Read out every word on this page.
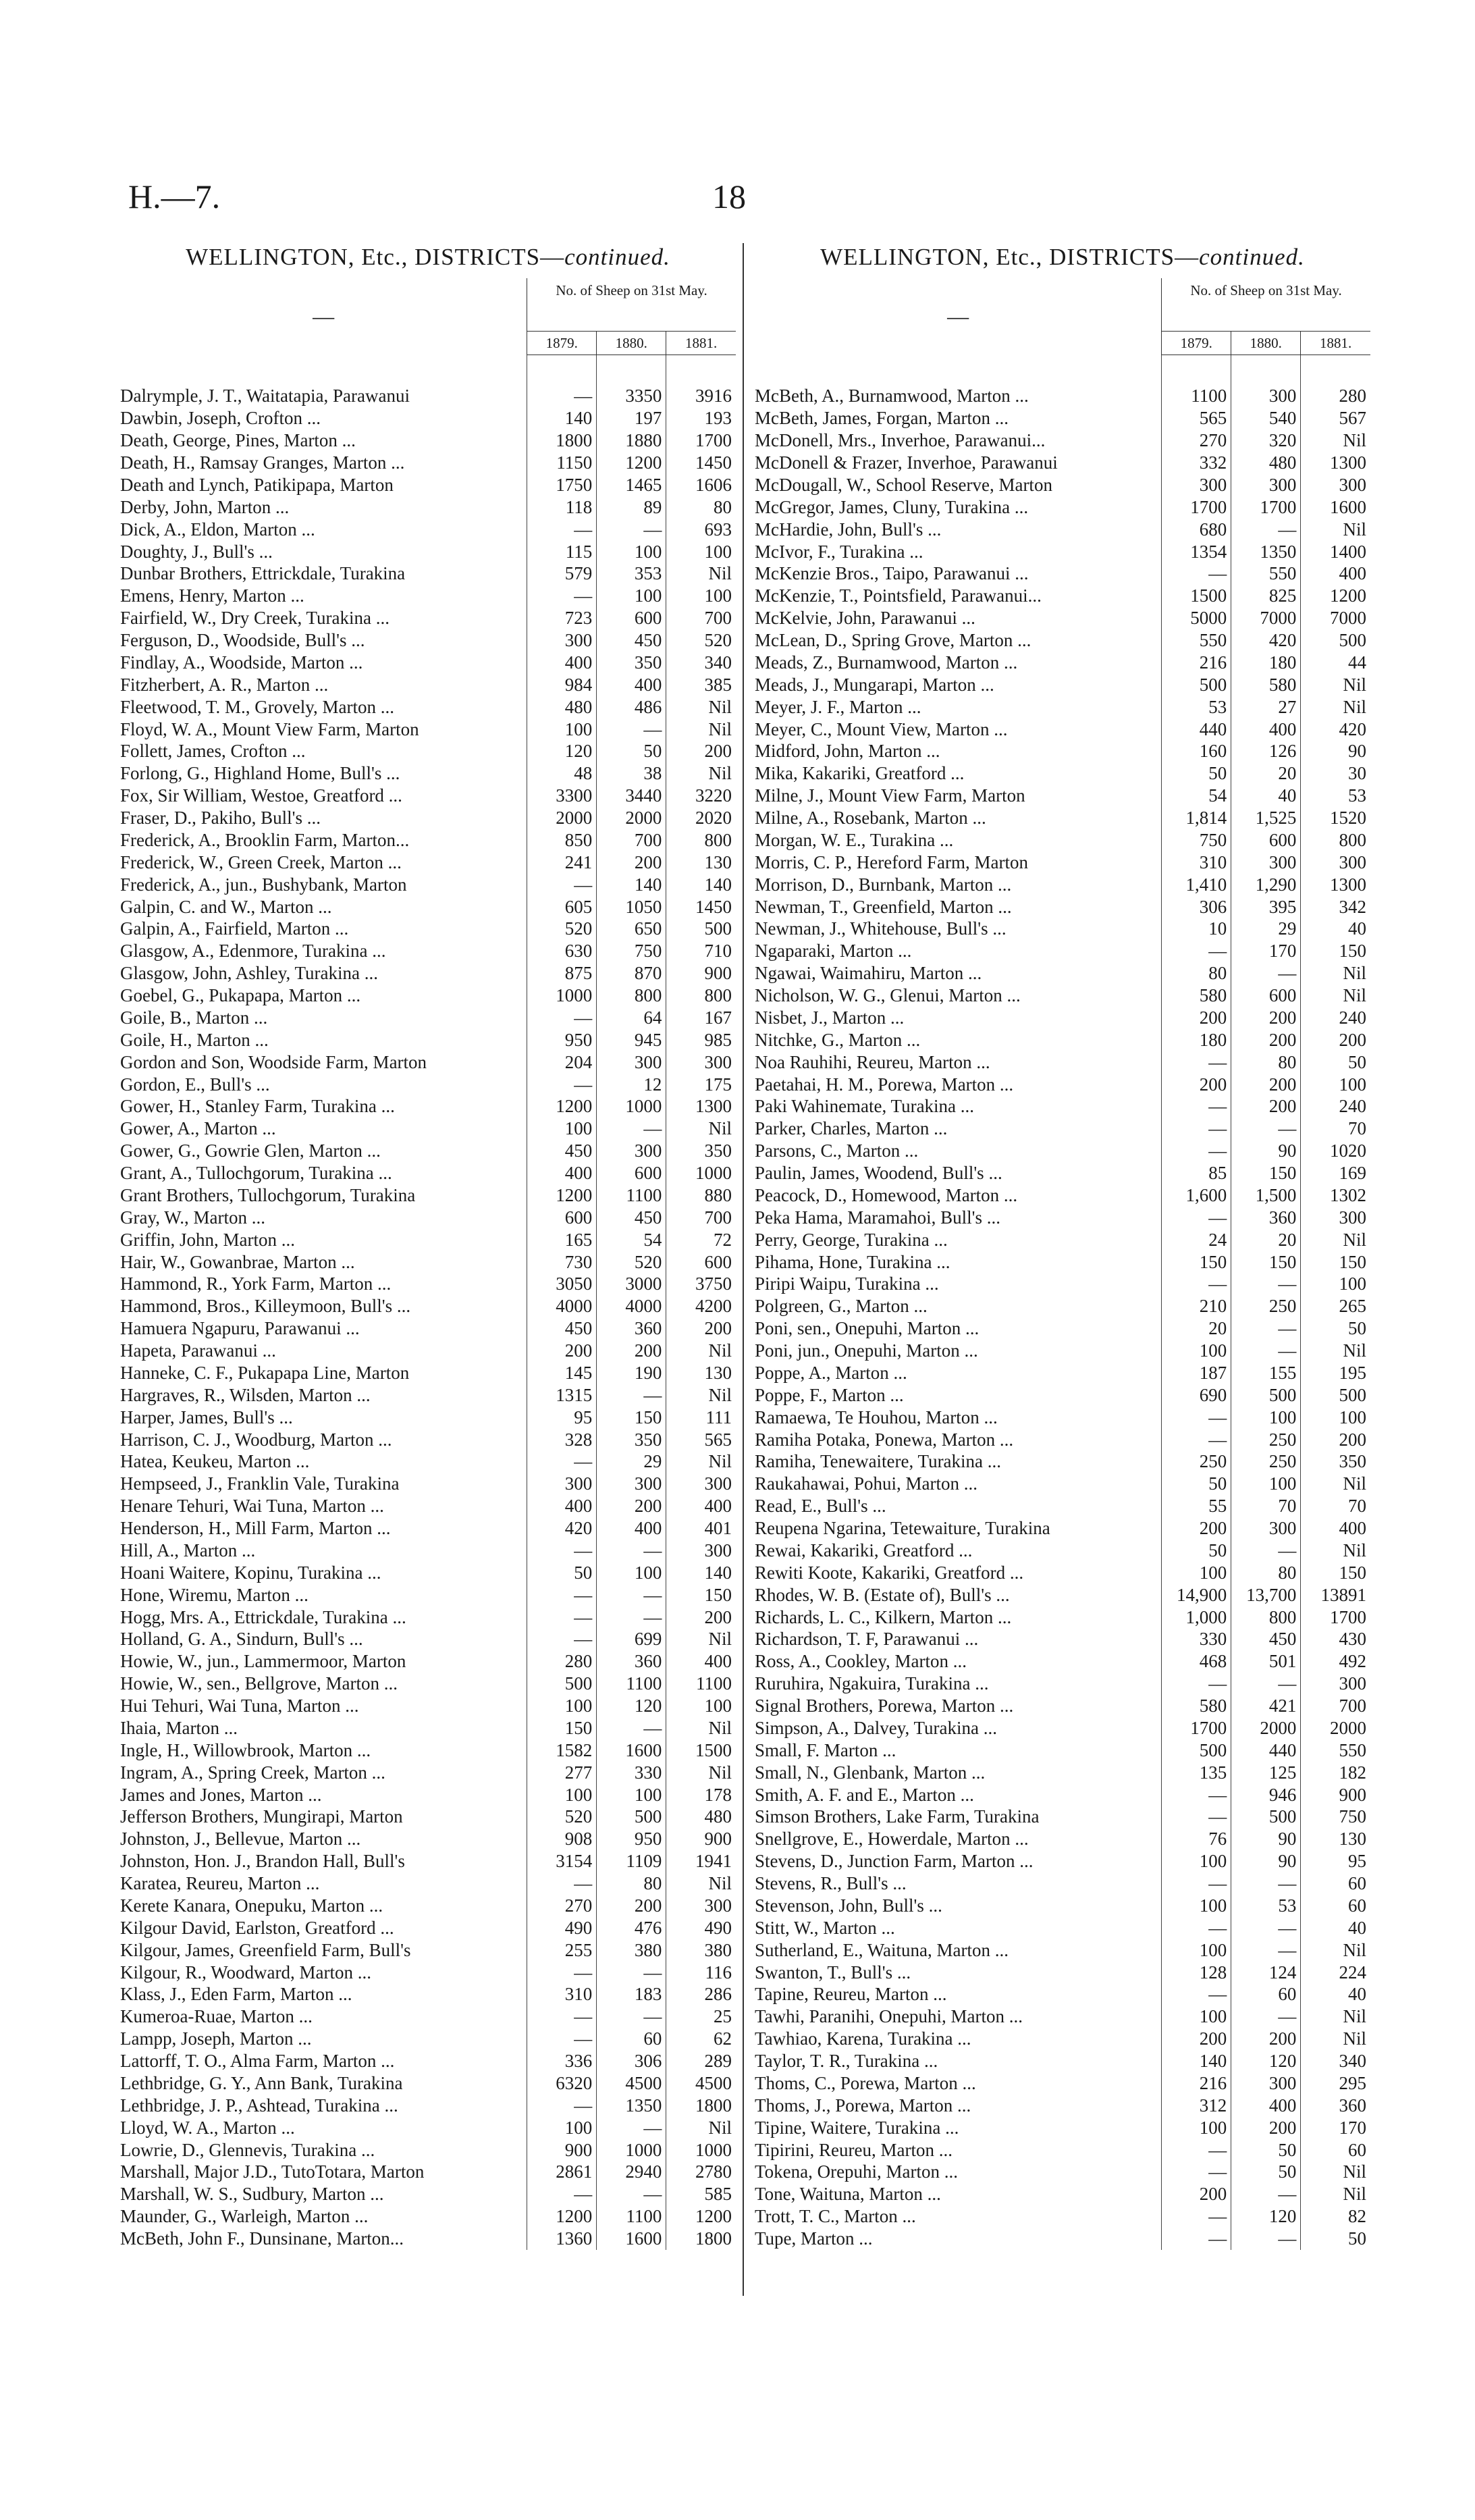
H.—7.	18
WELLINGTON, Etc., DISTRICTS—continued.
—	No. of Sheep on 31st May.		
	1879.	1880.	1881.

Dalrymple, J. T., Waitatapia, Parawanui	—	3350	3916
Dawbin, Joseph, Crofton ...	140	197	193
Death, George, Pines, Marton ...	1800	1880	1700
Death, H., Ramsay Granges, Marton ...	1150	1200	1450
Death and Lynch, Patikipapa, Marton	1750	1465	1606
Derby, John, Marton ...	118	89	80
Dick, A., Eldon, Marton ...	—	—	693
Doughty, J., Bull's ...	115	100	100
Dunbar Brothers, Ettrickdale, Turakina	579	353	Nil
Emens, Henry, Marton ...	—	100	100
Fairfield, W., Dry Creek, Turakina ...	723	600	700
Ferguson, D., Woodside, Bull's ...	300	450	520
Findlay, A., Woodside, Marton ...	400	350	340
Fitzherbert, A. R., Marton ...	984	400	385
Fleetwood, T. M., Grovely, Marton ...	480	486	Nil
Floyd, W. A., Mount View Farm, Marton	100	—	Nil
Follett, James, Crofton ...	120	50	200
Forlong, G., Highland Home, Bull's ...	48	38	Nil
Fox, Sir William, Westoe, Greatford ...	3300	3440	3220
Fraser, D., Pakiho, Bull's ...	2000	2000	2020
Frederick, A., Brooklin Farm, Marton...	850	700	800
Frederick, W., Green Creek, Marton ...	241	200	130
Frederick, A., jun., Bushybank, Marton	—	140	140
Galpin, C. and W., Marton ...	605	1050	1450
Galpin, A., Fairfield, Marton ...	520	650	500
Glasgow, A., Edenmore, Turakina ...	630	750	710
Glasgow, John, Ashley, Turakina ...	875	870	900
Goebel, G., Pukapapa, Marton ...	1000	800	800
Goile, B., Marton ...	—	64	167
Goile, H., Marton ...	950	945	985
Gordon and Son, Woodside Farm, Marton	204	300	300
Gordon, E., Bull's ...	—	12	175
Gower, H., Stanley Farm, Turakina ...	1200	1000	1300
Gower, A., Marton ...	100	—	Nil
Gower, G., Gowrie Glen, Marton ...	450	300	350
Grant, A., Tullochgorum, Turakina ...	400	600	1000
Grant Brothers, Tullochgorum, Turakina	1200	1100	880
Gray, W., Marton ...	600	450	700
Griffin, John, Marton ...	165	54	72
Hair, W., Gowanbrae, Marton ...	730	520	600
Hammond, R., York Farm, Marton ...	3050	3000	3750
Hammond, Bros., Killeymoon, Bull's ...	4000	4000	4200
Hamuera Ngapuru, Parawanui ...	450	360	200
Hapeta, Parawanui ...	200	200	Nil
Hanneke, C. F., Pukapapa Line, Marton	145	190	130
Hargraves, R., Wilsden, Marton ...	1315	—	Nil
Harper, James, Bull's ...	95	150	111
Harrison, C. J., Woodburg, Marton ...	328	350	565
Hatea, Keukeu, Marton ...	—	29	Nil
Hempseed, J., Franklin Vale, Turakina	300	300	300
Henare Tehuri, Wai Tuna, Marton ...	400	200	400
Henderson, H., Mill Farm, Marton ...	420	400	401
Hill, A., Marton ...	—	—	300
Hoani Waitere, Kopinu, Turakina ...	50	100	140
Hone, Wiremu, Marton ...	—	—	150
Hogg, Mrs. A., Ettrickdale, Turakina ...	—	—	200
Holland, G. A., Sindurn, Bull's ...	—	699	Nil
Howie, W., jun., Lammermoor, Marton	280	360	400
Howie, W., sen., Bellgrove, Marton ...	500	1100	1100
Hui Tehuri, Wai Tuna, Marton ...	100	120	100
Ihaia, Marton ...	150	—	Nil
Ingle, H., Willowbrook, Marton ...	1582	1600	1500
Ingram, A., Spring Creek, Marton ...	277	330	Nil
James and Jones, Marton ...	100	100	178
Jefferson Brothers, Mungirapi, Marton	520	500	480
Johnston, J., Bellevue, Marton ...	908	950	900
Johnston, Hon. J., Brandon Hall, Bull's	3154	1109	1941
Karatea, Reureu, Marton ...	—	80	Nil
Kerete Kanara, Onepuku, Marton ...	270	200	300
Kilgour David, Earlston, Greatford ...	490	476	490
Kilgour, James, Greenfield Farm, Bull's	255	380	380
Kilgour, R., Woodward, Marton ...	—	—	116
Klass, J., Eden Farm, Marton ...	310	183	286
Kumeroa-Ruae, Marton ...	—	—	25
Lampp, Joseph, Marton ...	—	60	62
Lattorff, T. O., Alma Farm, Marton ...	336	306	289
Lethbridge, G. Y., Ann Bank, Turakina	6320	4500	4500
Lethbridge, J. P., Ashtead, Turakina ...	—	1350	1800
Lloyd, W. A., Marton ...	100	—	Nil
Lowrie, D., Glennevis, Turakina ...	900	1000	1000
Marshall, Major J.D., TutoTotara, Marton	2861	2940	2780
Marshall, W. S., Sudbury, Marton ...	—	—	585
Maunder, G., Warleigh, Marton ...	1200	1100	1200
McBeth, John F., Dunsinane, Marton...	1360	1600	1800
WELLINGTON, Etc., DISTRICTS—continued.
—	No. of Sheep on 31st May.		
	1879.	1880.	1881.

McBeth, A., Burnamwood, Marton ...	1100	300	280
McBeth, James, Forgan, Marton ...	565	540	567
McDonell, Mrs., Inverhoe, Parawanui...	270	320	Nil
McDonell & Frazer, Inverhoe, Parawanui	332	480	1300
McDougall, W., School Reserve, Marton	300	300	300
McGregor, James, Cluny, Turakina ...	1700	1700	1600
McHardie, John, Bull's ...	680	—	Nil
McIvor, F., Turakina ...	1354	1350	1400
McKenzie Bros., Taipo, Parawanui ...	—	550	400
McKenzie, T., Pointsfield, Parawanui...	1500	825	1200
McKelvie, John, Parawanui ...	5000	7000	7000
McLean, D., Spring Grove, Marton ...	550	420	500
Meads, Z., Burnamwood, Marton ...	216	180	44
Meads, J., Mungarapi, Marton ...	500	580	Nil
Meyer, J. F., Marton ...	53	27	Nil
Meyer, C., Mount View, Marton ...	440	400	420
Midford, John, Marton ...	160	126	90
Mika, Kakariki, Greatford ...	50	20	30
Milne, J., Mount View Farm, Marton	54	40	53
Milne, A., Rosebank, Marton ...	1,814	1,525	1520
Morgan, W. E., Turakina ...	750	600	800
Morris, C. P., Hereford Farm, Marton	310	300	300
Morrison, D., Burnbank, Marton ...	1,410	1,290	1300
Newman, T., Greenfield, Marton ...	306	395	342
Newman, J., Whitehouse, Bull's ...	10	29	40
Ngaparaki, Marton ...	—	170	150
Ngawai, Waimahiru, Marton ...	80	—	Nil
Nicholson, W. G., Glenui, Marton ...	580	600	Nil
Nisbet, J., Marton ...	200	200	240
Nitchke, G., Marton ...	180	200	200
Noa Rauhihi, Reureu, Marton ...	—	80	50
Paetahai, H. M., Porewa, Marton ...	200	200	100
Paki Wahinemate, Turakina ...	—	200	240
Parker, Charles, Marton ...	—	—	70
Parsons, C., Marton ...	—	90	1020
Paulin, James, Woodend, Bull's ...	85	150	169
Peacock, D., Homewood, Marton ...	1,600	1,500	1302
Peka Hama, Maramahoi, Bull's ...	—	360	300
Perry, George, Turakina ...	24	20	Nil
Pihama, Hone, Turakina ...	150	150	150
Piripi Waipu, Turakina ...	—	—	100
Polgreen, G., Marton ...	210	250	265
Poni, sen., Onepuhi, Marton ...	20	—	50
Poni, jun., Onepuhi, Marton ...	100	—	Nil
Poppe, A., Marton ...	187	155	195
Poppe, F., Marton ...	690	500	500
Ramaewa, Te Houhou, Marton ...	—	100	100
Ramiha Potaka, Ponewa, Marton ...	—	250	200
Ramiha, Tenewaitere, Turakina ...	250	250	350
Raukahawai, Pohui, Marton ...	50	100	Nil
Read, E., Bull's ...	55	70	70
Reupena Ngarina, Tetewaiture, Turakina	200	300	400
Rewai, Kakariki, Greatford ...	50	—	Nil
Rewiti Koote, Kakariki, Greatford ...	100	80	150
Rhodes, W. B. (Estate of), Bull's ...	14,900	13,700	13891
Richards, L. C., Kilkern, Marton ...	1,000	800	1700
Richardson, T. F, Parawanui ...	330	450	430
Ross, A., Cookley, Marton ...	468	501	492
Ruruhira, Ngakuira, Turakina ...	—	—	300
Signal Brothers, Porewa, Marton ...	580	421	700
Simpson, A., Dalvey, Turakina ...	1700	2000	2000
Small, F. Marton ...	500	440	550
Small, N., Glenbank, Marton ...	135	125	182
Smith, A. F. and E., Marton ...	—	946	900
Simson Brothers, Lake Farm, Turakina	—	500	750
Snellgrove, E., Howerdale, Marton ...	76	90	130
Stevens, D., Junction Farm, Marton ...	100	90	95
Stevens, R., Bull's ...	—	—	60
Stevenson, John, Bull's ...	100	53	60
Stitt, W., Marton ...	—	—	40
Sutherland, E., Waituna, Marton ...	100	—	Nil
Swanton, T., Bull's ...	128	124	224
Tapine, Reureu, Marton ...	—	60	40
Tawhi, Paranihi, Onepuhi, Marton ...	100	—	Nil
Tawhiao, Karena, Turakina ...	200	200	Nil
Taylor, T. R., Turakina ...	140	120	340
Thoms, C., Porewa, Marton ...	216	300	295
Thoms, J., Porewa, Marton ...	312	400	360
Tipine, Waitere, Turakina ...	100	200	170
Tipirini, Reureu, Marton ...	—	50	60
Tokena, Orepuhi, Marton ...	—	50	Nil
Tone, Waituna, Marton ...	200	—	Nil
Trott, T. C., Marton ...	—	120	82
Tupe, Marton ...	—	—	50
